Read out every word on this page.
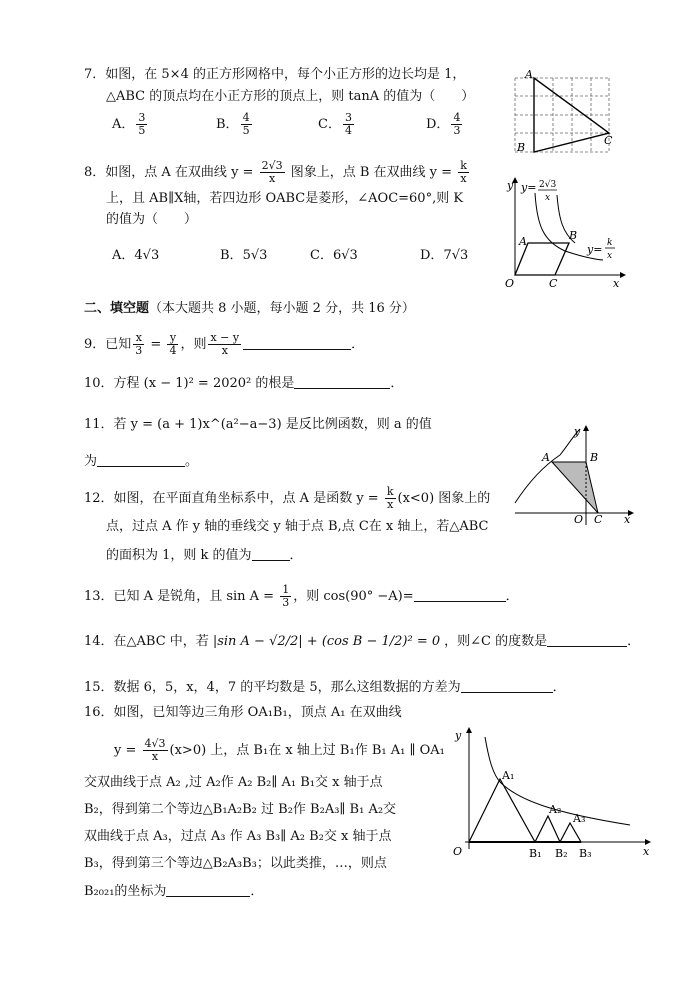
7．如图，在 5×4 的正方形网格中，每个小正方形的边长均是 1，
△ABC 的顶点均在小正方形的顶点上，则 tanA 的值为（　　）
A． $\frac{3}{5}$	B． $\frac{4}{5}$	C． $\frac{3}{4}$	D． $\frac{4}{3}$
A
B
C
8．如图，点 A 在双曲线 $y = \frac{2√3}{x}$ 图象上，点 B 在双曲线 $y = \frac{k}{x}$
上，且 AB∥X轴，若四边形 OABC是菱形，∠AOC=60°,则 K
的值为（　　）
A．4√3	B．5√3	C．6√3	D．7√3
O
y
x
A	B
C
y= 2√3
x
y= k
x
二、填空题（本大题共 8 小题，每小题 2 分，共 16 分）
9．已知 $\frac{x}{3} = \frac{y}{4}$ ，则 $\frac{x - y}{x}$	．
10．方程 (x − 1)² = 2020² 的根是	．
11．若 y = (a + 1)x^(a²−a−3) 是反比例函数，则 a 的值
为	。	A	B
C
O
y
x
12．如图，在平面直角坐标系中，点 A 是函数 $y = \frac{k}{x} (x<0)$ 图象上的
点，过点 A 作 y 轴的垂线交 y 轴于点 B,点 C在 x 轴上，若△ABC
的面积为 1，则 k 的值为	．
13．已知 A 是锐角，且 $\sin A = \frac{1}{3}$ ，则 cos(90° −A)=	．
14．在△ABC 中，若 |sin A − √2/2| + (cos B − 1/2)² = 0 ，则∠C 的度数是	．
15．数据 6，5，x，4，7 的平均数是 5，那么这组数据的方差为	．
16．如图，已知等边三角形 OA₁B₁，顶点 A₁ 在双曲线
$y = \frac{4√3}{x} (x>0)$ 上，点 B₁在 x 轴上过 B₁作 B₁ A₁ ∥ OA₁
交双曲线于点 A₂ ,过 A₂作 A₂ B₂∥ A₁ B₁交 x 轴于点
B₂，得到第二个等边△B₁A₂B₂ 过 B₂作 B₂A₃∥ B₁ A₂交
双曲线于点 A₃，过点 A₃ 作 A₃ B₃∥ A₂ B₂交 x 轴于点
B₃，得到第三个等边△B₂A₃B₃；以此类推，…，则点
B₂₀₂₁的坐标为	．
O
y
x
A₁
A₂
A₃
B₁ B₂ B₃
